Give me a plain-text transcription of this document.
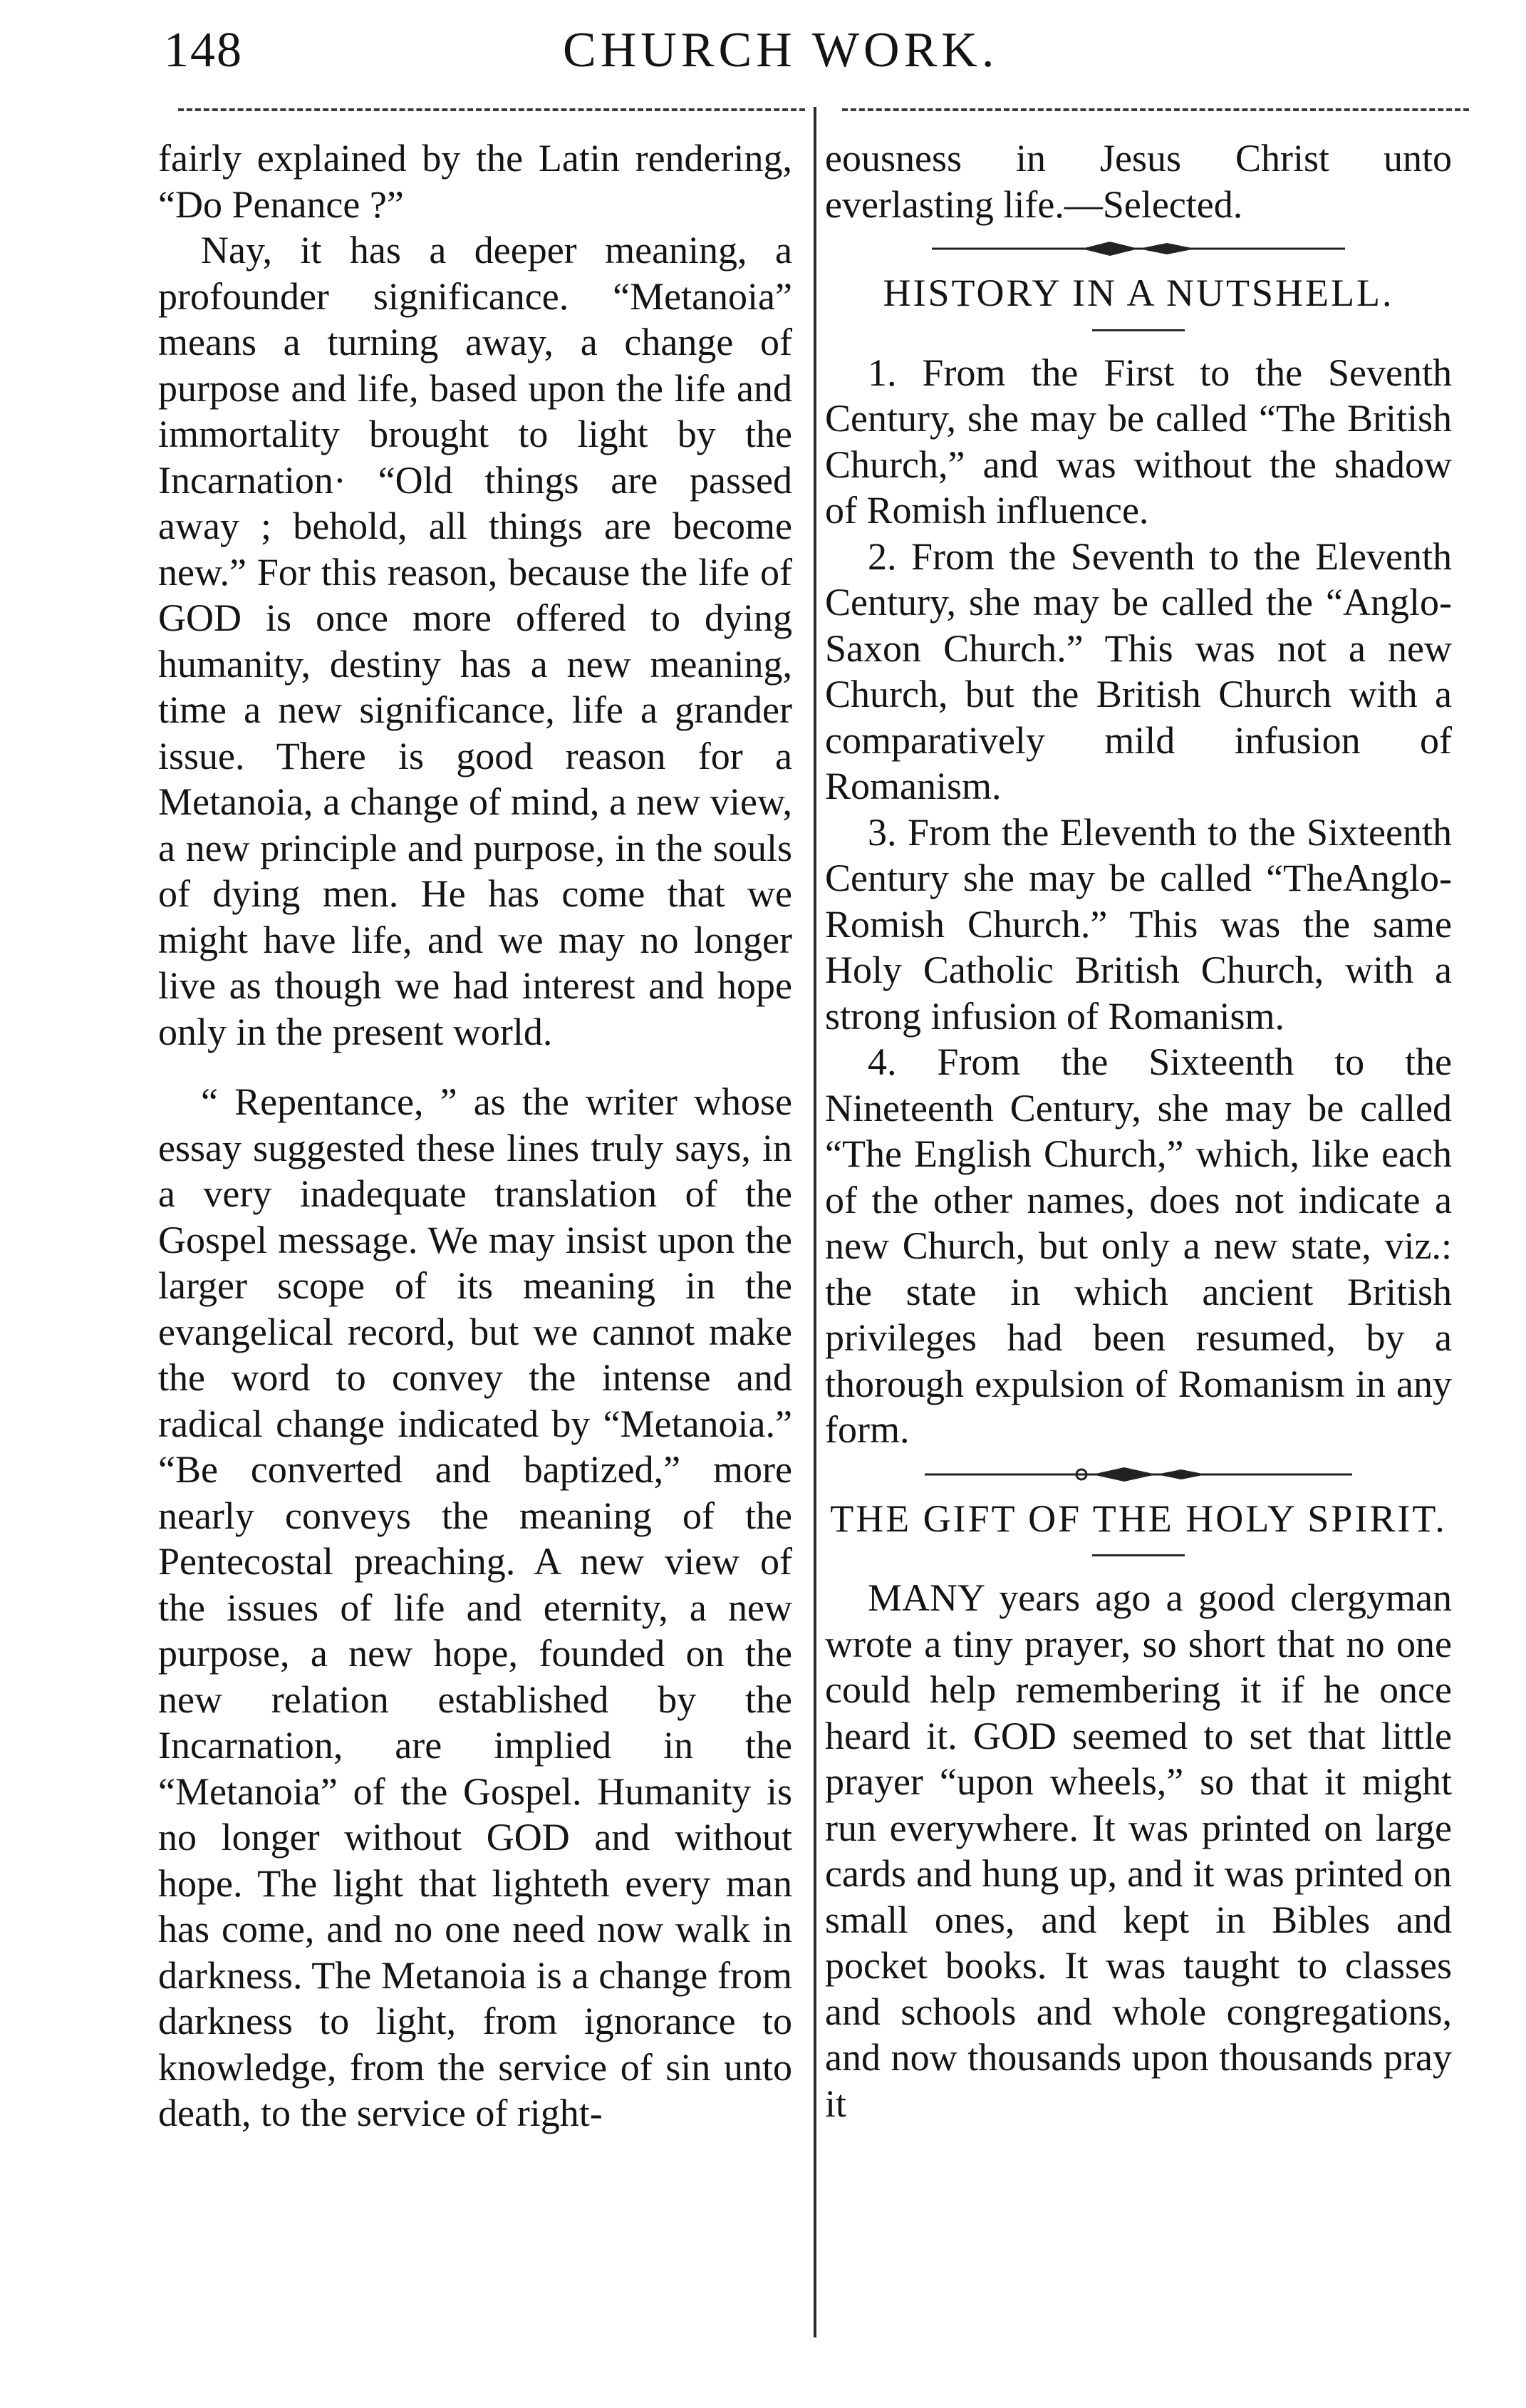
148	CHURCH WORK.

fairly explained by the Latin rendering, “Do Penance ?”

Nay, it has a deeper meaning, a profounder significance. “Metanoia” means a turning away, a change of purpose and life, based upon the life and immortality brought to light by the Incarnation· “Old things are passed away ; behold, all things are become new.” For this reason, because the life of GOD is once more offered to dying humanity, destiny has a new meaning, time a new significance, life a grander issue. There is good reason for a Metanoia, a change of mind, a new view, a new principle and purpose, in the souls of dying men. He has come that we might have life, and we may no longer live as though we had interest and hope only in the present world.

“ Repentance, ” as the writer whose essay suggested these lines truly says, in a very inadequate translation of the Gospel message. We may insist upon the larger scope of its meaning in the evangelical record, but we cannot make the word to convey the intense and radical change indicated by “Metanoia.” “Be converted and baptized,” more nearly conveys the meaning of the Pentecostal preaching. A new view of the issues of life and eternity, a new purpose, a new hope, founded on the new relation established by the Incarnation, are implied in the “Metanoia” of the Gospel. Humanity is no longer without GOD and without hope. The light that lighteth every man has come, and no one need now walk in darkness. The Metanoia is a change from darkness to light, from ignorance to knowledge, from the service of sin unto death, to the service of right-

eousness in Jesus Christ unto everlasting life.—Selected.

HISTORY IN A NUTSHELL.

1. From the First to the Seventh Century, she may be called “The British Church,” and was without the shadow of Romish influence.

2. From the Seventh to the Eleventh Century, she may be called the “Anglo-Saxon Church.” This was not a new Church, but the British Church with a comparatively mild infusion of Romanism.

3. From the Eleventh to the Sixteenth Century she may be called “TheAnglo-Romish Church.” This was the same Holy Catholic British Church, with a strong infusion of Romanism.

4. From the Sixteenth to the Nineteenth Century, she may be called “The English Church,” which, like each of the other names, does not indicate a new Church, but only a new state, viz.: the state in which ancient British privileges had been resumed, by a thorough expulsion of Romanism in any form.

THE GIFT OF THE HOLY SPIRIT.

MANY years ago a good clergyman wrote a tiny prayer, so short that no one could help remembering it if he once heard it. GOD seemed to set that little prayer “upon wheels,” so that it might run everywhere. It was printed on large cards and hung up, and it was printed on small ones, and kept in Bibles and pocket books. It was taught to classes and schools and whole congregations, and now thousands upon thousands pray it
